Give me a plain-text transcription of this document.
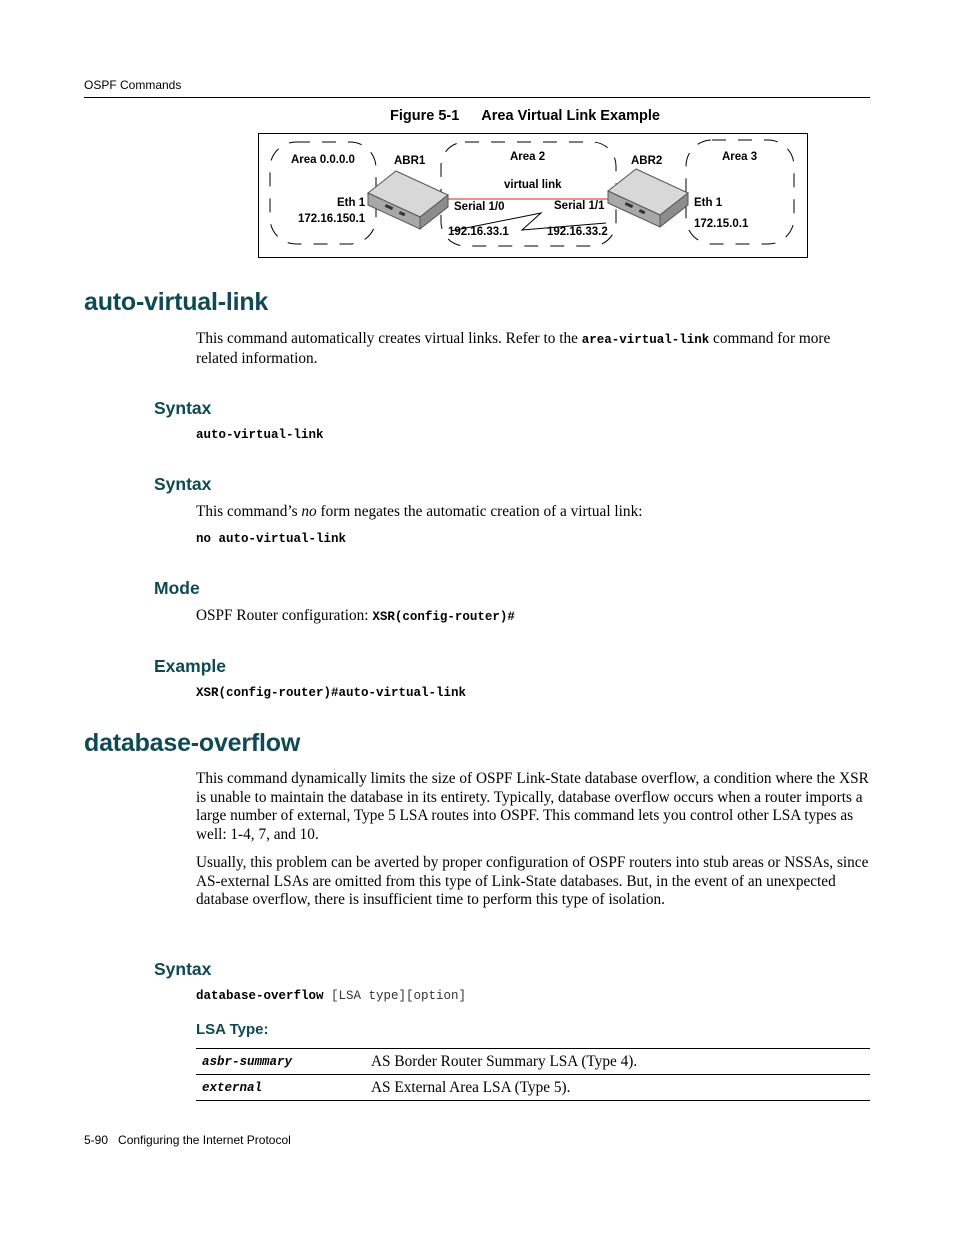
OSPF Commands
Figure 5-1 Area Virtual Link Example
Area 0.0.0.0	ABR1	Area 2	ABR2	Area 3
virtual link
Eth 1
172.16.150.1
Serial 1/0	Serial 1/1
192.16.33.1	192.16.33.2
Eth 1
172.15.0.1
auto-virtual-link
This command automatically creates virtual links. Refer to the area-virtual-link command for more related information.
Syntax
auto-virtual-link
Syntax
This command’s no form negates the automatic creation of a virtual link:
no auto-virtual-link
Mode
OSPF Router configuration: XSR(config-router)#
Example
XSR(config-router)#auto-virtual-link
database-overflow
This command dynamically limits the size of OSPF Link-State database overflow, a condition where the XSR is unable to maintain the database in its entirety. Typically, database overflow occurs when a router imports a large number of external, Type 5 LSA routes into OSPF. This command lets you control other LSA types as well: 1-4, 7, and 10.
Usually, this problem can be averted by proper configuration of OSPF routers into stub areas or NSSAs, since AS-external LSAs are omitted from this type of Link-State databases. But, in the event of an unexpected database overflow, there is insufficient time to perform this type of isolation.
Syntax
database-overflow [LSA type][option]
LSA Type:
asbr-summary	AS Border Router Summary LSA (Type 4).
external	AS External Area LSA (Type 5).
5-90 Configuring the Internet Protocol
